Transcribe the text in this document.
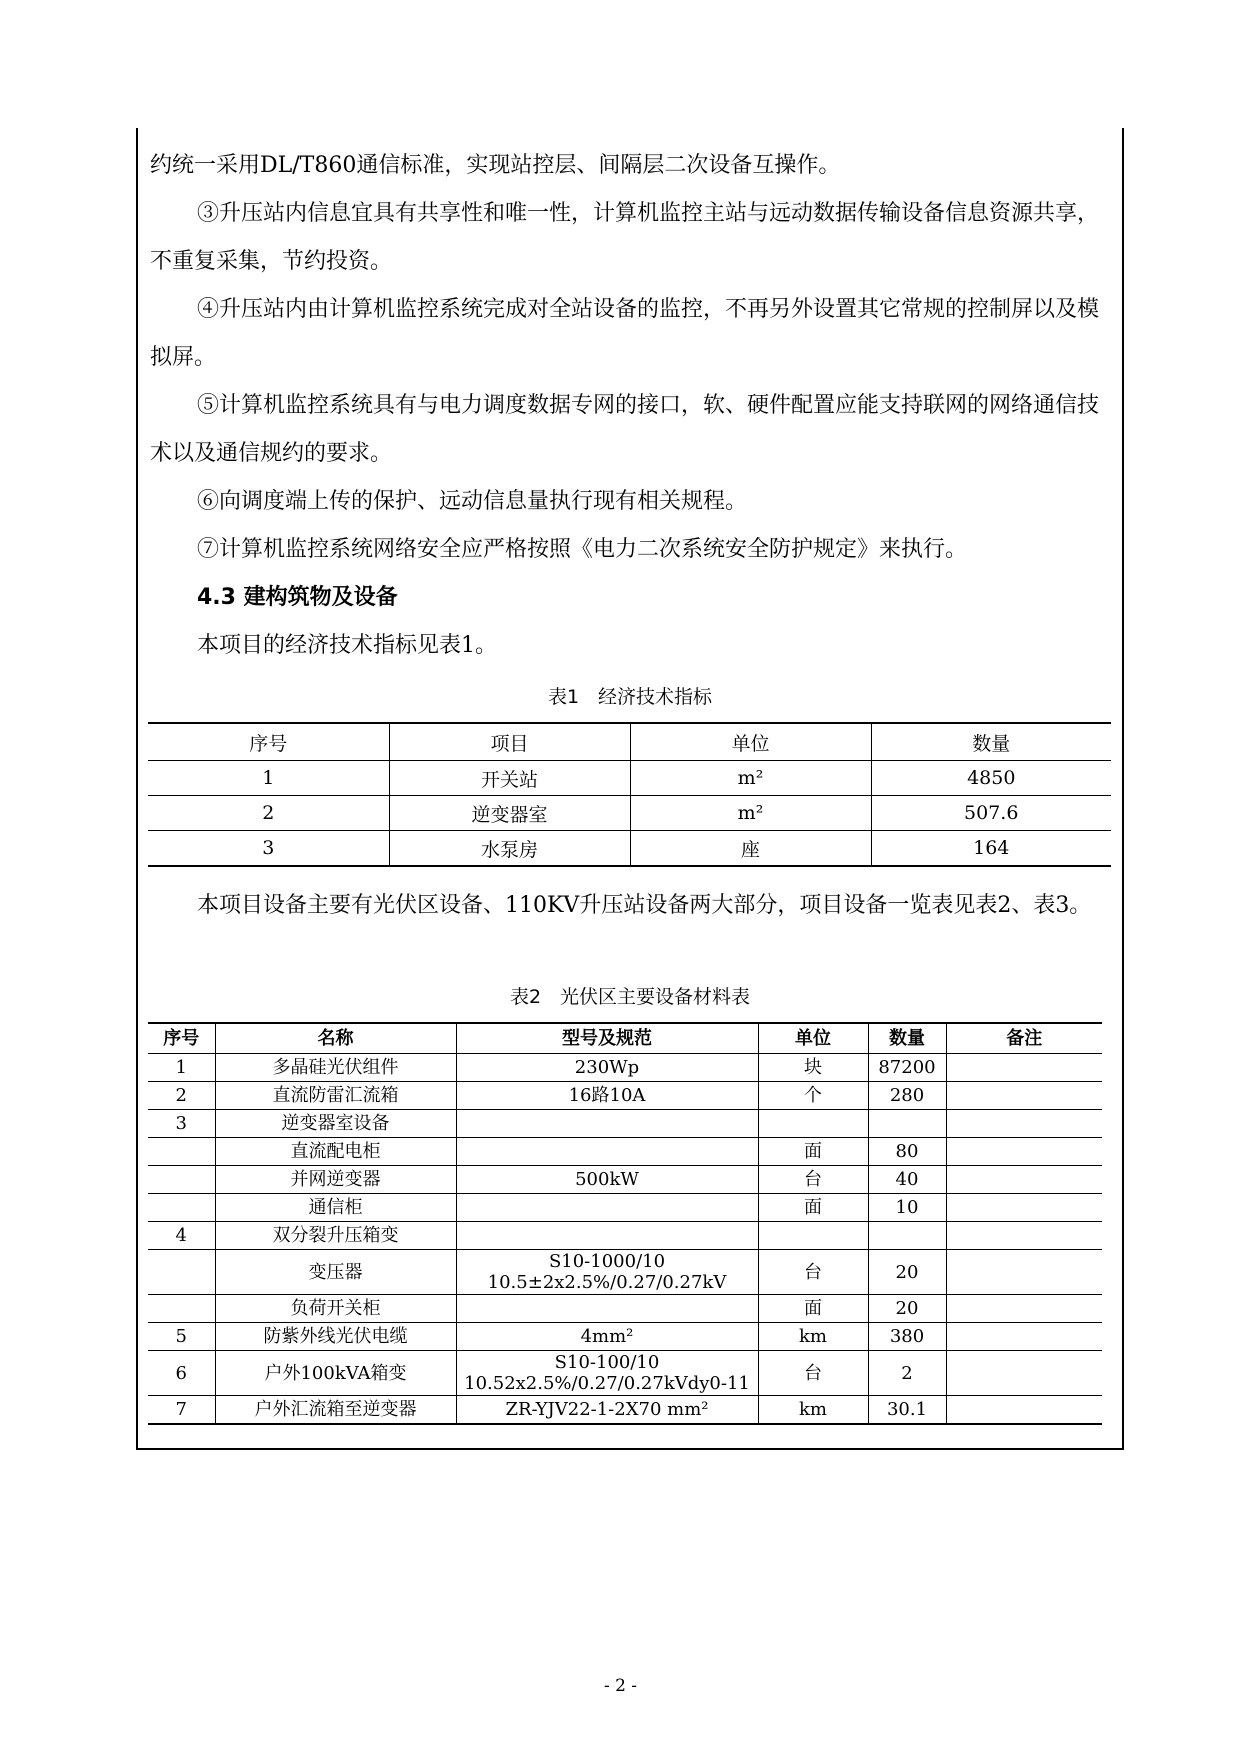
约统一采用DL/T860通信标准，实现站控层、间隔层二次设备互操作。

③升压站内信息宜具有共享性和唯一性，计算机监控主站与远动数据传输设备信息资源共享，不重复采集，节约投资。

④升压站内由计算机监控系统完成对全站设备的监控，不再另外设置其它常规的控制屏以及模拟屏。

⑤计算机监控系统具有与电力调度数据专网的接口，软、硬件配置应能支持联网的网络通信技术以及通信规约的要求。

⑥向调度端上传的保护、远动信息量执行现有相关规程。

⑦计算机监控系统网络安全应严格按照《电力二次系统安全防护规定》来执行。

4.3 建构筑物及设备

本项目的经济技术指标见表1。

表1　经济技术指标
序号	项目	单位	数量
1	开关站	m²	4850
2	逆变器室	m²	507.6
3	水泵房	座	164

本项目设备主要有光伏区设备、110KV升压站设备两大部分，项目设备一览表见表2、表3。

表2　光伏区主要设备材料表
序号	名称	型号及规范	单位	数量	备注
1	多晶硅光伏组件	230Wp	块	87200	
2	直流防雷汇流箱	16路10A	个	280	
3	逆变器室设备				
	直流配电柜		面	80	
	并网逆变器	500kW	台	40	
	通信柜		面	10	
4	双分裂升压箱变				
	变压器	S10-1000/10
10.5±2x2.5%/0.27/0.27kV	台	20	
	负荷开关柜		面	20	
5	防紫外线光伏电缆	4mm²	km	380	
6	户外100kVA箱变	S10-100/10
10.52x2.5%/0.27/0.27kVdy0-11	台	2	
7	户外汇流箱至逆变器	ZR-YJV22-1-2X70 mm²	km	30.1	
- 2 -
